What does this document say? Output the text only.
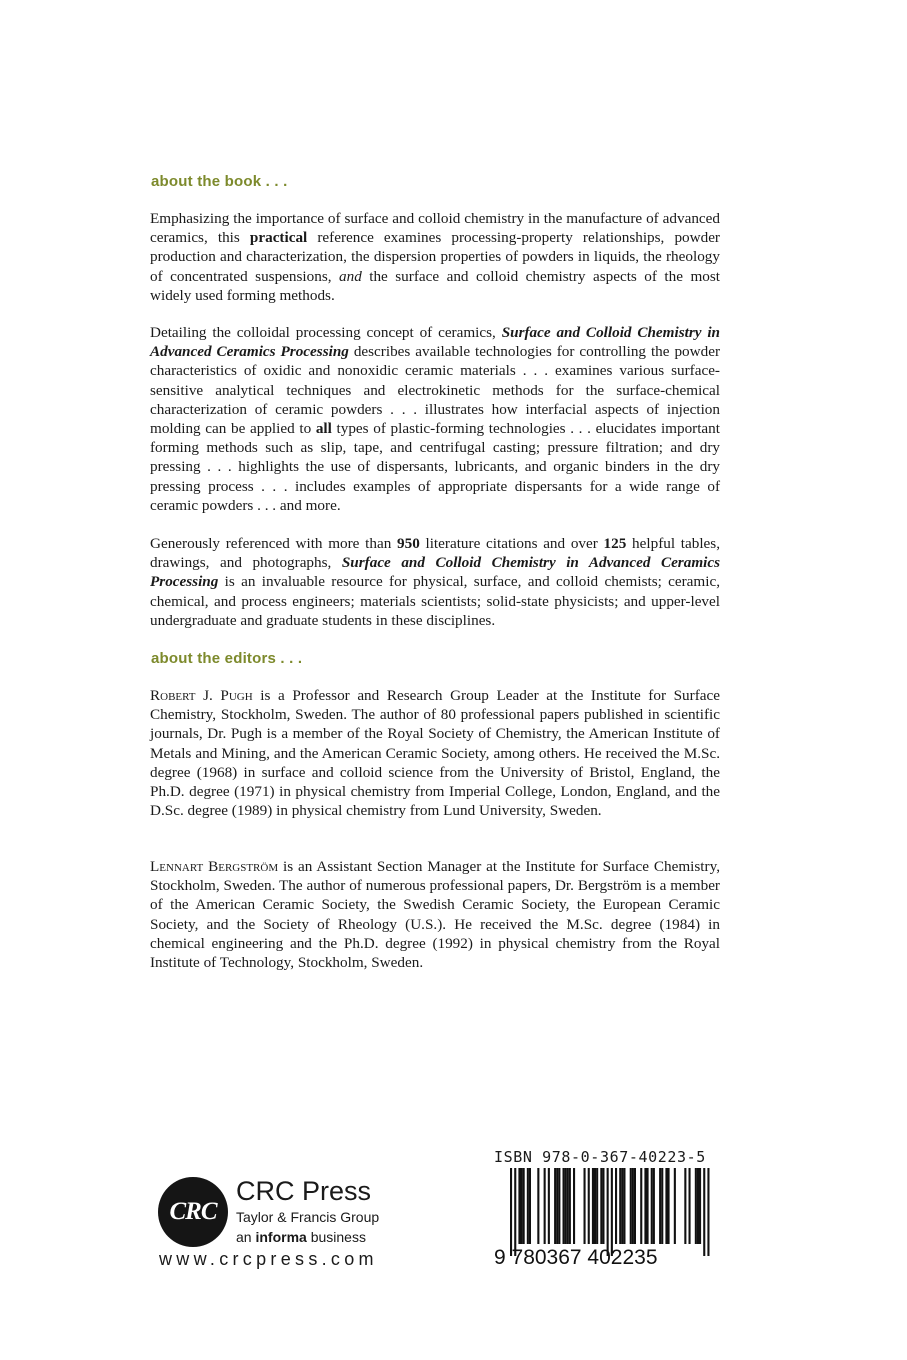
about the book . . .

Emphasizing the importance of surface and colloid chemistry in the manufacture of advanced ceramics, this practical reference examines processing-property relationships, powder production and characterization, the dispersion properties of powders in liquids, the rheology of concentrated suspensions, and the surface and colloid chemistry aspects of the most widely used forming methods.

Detailing the colloidal processing concept of ceramics, Surface and Colloid Chemistry in Advanced Ceramics Processing describes available technologies for controlling the powder characteristics of oxidic and nonoxidic ceramic materials . . . examines various surface-sensitive analytical techniques and electrokinetic methods for the surface-chemical characterization of ceramic powders . . . illustrates how interfacial aspects of injection molding can be applied to all types of plastic-forming technologies . . . elucidates important forming methods such as slip, tape, and centrifugal casting; pressure filtration; and dry pressing . . . highlights the use of dispersants, lubricants, and organic binders in the dry pressing process . . . includes examples of appropriate dispersants for a wide range of ceramic powders . . . and more.

Generously referenced with more than 950 literature citations and over 125 helpful tables, drawings, and photographs, Surface and Colloid Chemistry in Advanced Ceramics Processing is an invaluable resource for physical, surface, and colloid chemists; ceramic, chemical, and process engineers; materials scientists; solid-state physicists; and upper-level undergraduate and graduate students in these disciplines.

about the editors . . .

Robert J. Pugh is a Professor and Research Group Leader at the Institute for Surface Chemistry, Stockholm, Sweden. The author of 80 professional papers published in scientific journals, Dr. Pugh is a member of the Royal Society of Chemistry, the American Institute of Metals and Mining, and the American Ceramic Society, among others. He received the M.Sc. degree (1968) in surface and colloid science from the University of Bristol, England, the Ph.D. degree (1971) in physical chemistry from Imperial College, London, England, and the D.Sc. degree (1989) in physical chemistry from Lund University, Sweden.

Lennart Bergström is an Assistant Section Manager at the Institute for Surface Chemistry, Stockholm, Sweden. The author of numerous professional papers, Dr. Bergström is a member of the American Ceramic Society, the Swedish Ceramic Society, the European Ceramic Society, and the Society of Rheology (U.S.). He received the M.Sc. degree (1984) in chemical engineering and the Ph.D. degree (1992) in physical chemistry from the Royal Institute of Technology, Stockholm, Sweden.

CRC
CRC Press
Taylor & Francis Group
an informa business
www.crcpress.com
ISBN 978-0-367-40223-5
9 780367 402235
